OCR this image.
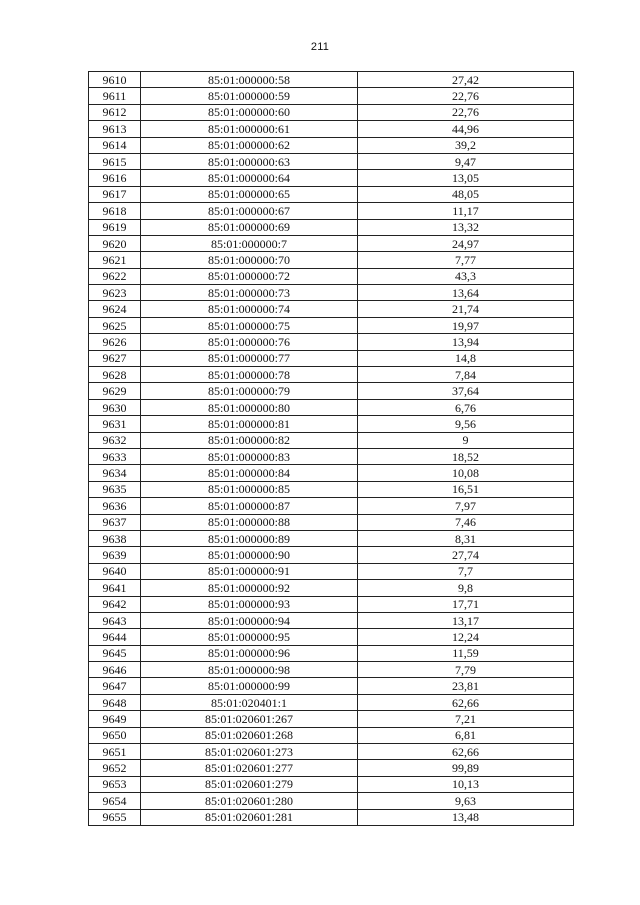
211
9610	85:01:000000:58	27,42
9611	85:01:000000:59	22,76
9612	85:01:000000:60	22,76
9613	85:01:000000:61	44,96
9614	85:01:000000:62	39,2
9615	85:01:000000:63	9,47
9616	85:01:000000:64	13,05
9617	85:01:000000:65	48,05
9618	85:01:000000:67	11,17
9619	85:01:000000:69	13,32
9620	85:01:000000:7	24,97
9621	85:01:000000:70	7,77
9622	85:01:000000:72	43,3
9623	85:01:000000:73	13,64
9624	85:01:000000:74	21,74
9625	85:01:000000:75	19,97
9626	85:01:000000:76	13,94
9627	85:01:000000:77	14,8
9628	85:01:000000:78	7,84
9629	85:01:000000:79	37,64
9630	85:01:000000:80	6,76
9631	85:01:000000:81	9,56
9632	85:01:000000:82	9
9633	85:01:000000:83	18,52
9634	85:01:000000:84	10,08
9635	85:01:000000:85	16,51
9636	85:01:000000:87	7,97
9637	85:01:000000:88	7,46
9638	85:01:000000:89	8,31
9639	85:01:000000:90	27,74
9640	85:01:000000:91	7,7
9641	85:01:000000:92	9,8
9642	85:01:000000:93	17,71
9643	85:01:000000:94	13,17
9644	85:01:000000:95	12,24
9645	85:01:000000:96	11,59
9646	85:01:000000:98	7,79
9647	85:01:000000:99	23,81
9648	85:01:020401:1	62,66
9649	85:01:020601:267	7,21
9650	85:01:020601:268	6,81
9651	85:01:020601:273	62,66
9652	85:01:020601:277	99,89
9653	85:01:020601:279	10,13
9654	85:01:020601:280	9,63
9655	85:01:020601:281	13,48
